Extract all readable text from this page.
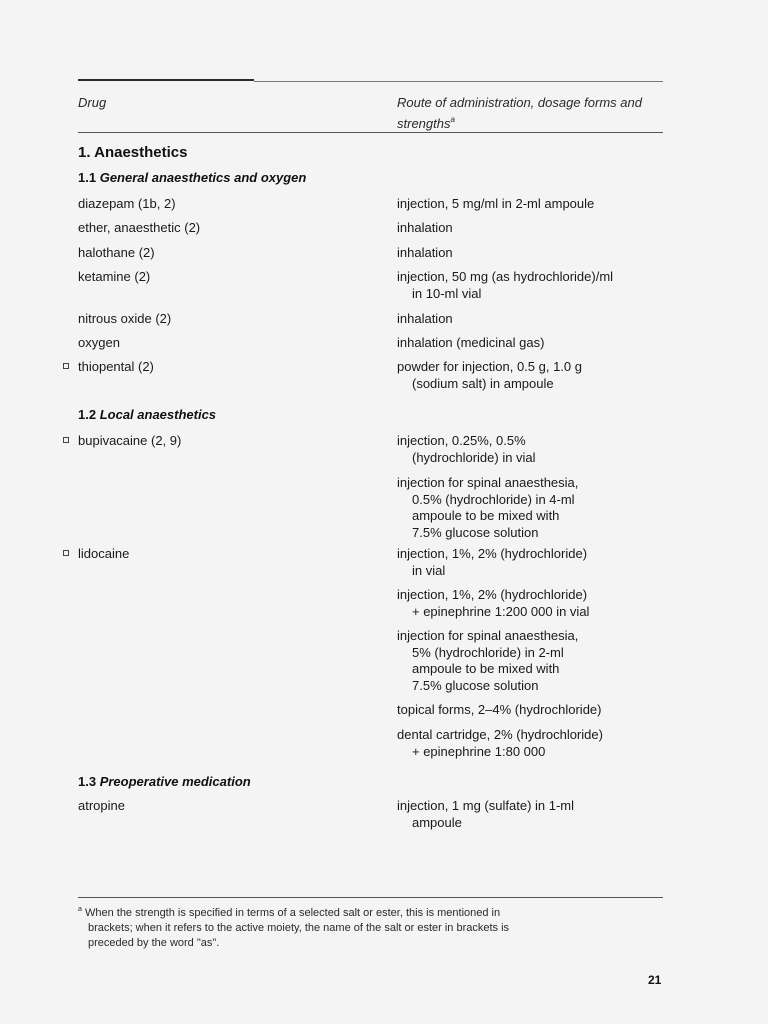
Drug	Route of administration, dosage forms and strengths$^a$
1. Anaesthetics
1.1 General anaesthetics and oxygen
1.2 Local anaesthetics
1.3 Preoperative medication
diazepam (1b, 2)	injection, 5 mg/ml in 2-ml ampoule
ether, anaesthetic (2)	inhalation
halothane (2)	inhalation
ketamine (2)	injection, 50 mg (as hydrochloride)/ml
in 10-ml vial
nitrous oxide (2)	inhalation
oxygen	inhalation (medicinal gas)
thiopental (2)	powder for injection, 0.5 g, 1.0 g
(sodium salt) in ampoule
bupivacaine (2, 9)	injection, 0.25%, 0.5%
(hydrochloride) in vial
injection for spinal anaesthesia,
0.5% (hydrochloride) in 4-ml
ampoule to be mixed with
7.5% glucose solution
lidocaine	injection, 1%, 2% (hydrochloride)
in vial
injection, 1%, 2% (hydrochloride)
+ epinephrine 1:200 000 in vial
injection for spinal anaesthesia,
5% (hydrochloride) in 2-ml
ampoule to be mixed with
7.5% glucose solution
topical forms, 2–4% (hydrochloride)
dental cartridge, 2% (hydrochloride)
+ epinephrine 1:80 000
atropine	injection, 1 mg (sulfate) in 1-ml
ampoule
$^a$ When the strength is specified in terms of a selected salt or ester, this is mentioned in
brackets; when it refers to the active moiety, the name of the salt or ester in brackets is
preceded by the word "as".
21
